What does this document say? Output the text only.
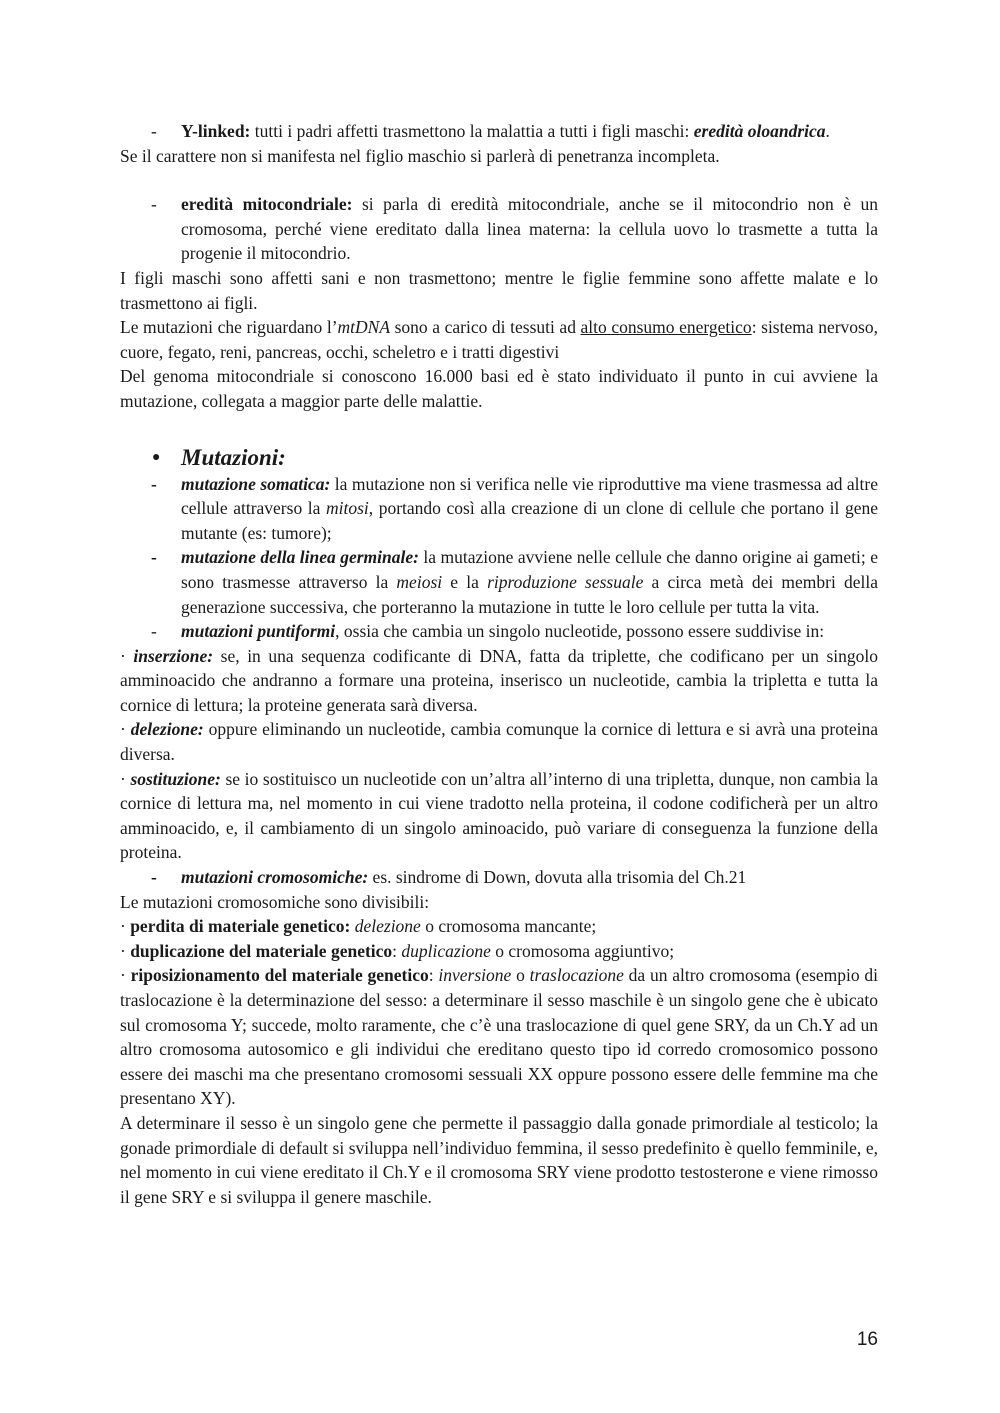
- Y-linked: tutti i padri affetti trasmettono la malattia a tutti i figli maschi: eredità oloandrica.

Se il carattere non si manifesta nel figlio maschio si parlerà di penetranza incompleta.

- eredità mitocondriale: si parla di eredità mitocondriale, anche se il mitocondrio non è un cromosoma, perché viene ereditato dalla linea materna: la cellula uovo lo trasmette a tutta la progenie il mitocondrio.

I figli maschi sono affetti sani e non trasmettono; mentre le figlie femmine sono affette malate e lo trasmettono ai figli.

Le mutazioni che riguardano l’mtDNA sono a carico di tessuti ad alto consumo energetico: sistema nervoso, cuore, fegato, reni, pancreas, occhi, scheletro e i tratti digestivi

Del genoma mitocondriale si conoscono 16.000 basi ed è stato individuato il punto in cui avviene la mutazione, collegata a maggior parte delle malattie.

● Mutazioni:

- mutazione somatica: la mutazione non si verifica nelle vie riproduttive ma viene trasmessa ad altre cellule attraverso la mitosi, portando così alla creazione di un clone di cellule che portano il gene mutante (es: tumore);

- mutazione della linea germinale: la mutazione avviene nelle cellule che danno origine ai gameti; e sono trasmesse attraverso la meiosi e la riproduzione sessuale a circa metà dei membri della generazione successiva, che porteranno la mutazione in tutte le loro cellule per tutta la vita.

- mutazioni puntiformi, ossia che cambia un singolo nucleotide, possono essere suddivise in:

· inserzione: se, in una sequenza codificante di DNA, fatta da triplette, che codificano per un singolo amminoacido che andranno a formare una proteina, inserisco un nucleotide, cambia la tripletta e tutta la cornice di lettura; la proteine generata sarà diversa.

· delezione: oppure eliminando un nucleotide, cambia comunque la cornice di lettura e si avrà una proteina diversa.

· sostituzione: se io sostituisco un nucleotide con un’altra all’interno di una tripletta, dunque, non cambia la cornice di lettura ma, nel momento in cui viene tradotto nella proteina, il codone codificherà per un altro amminoacido, e, il cambiamento di un singolo aminoacido, può variare di conseguenza la funzione della proteina.

- mutazioni cromosomiche: es. sindrome di Down, dovuta alla trisomia del Ch.21

Le mutazioni cromosomiche sono divisibili:

· perdita di materiale genetico: delezione o cromosoma mancante;

· duplicazione del materiale genetico: duplicazione o cromosoma aggiuntivo;

· riposizionamento del materiale genetico: inversione o traslocazione da un altro cromosoma (esempio di traslocazione è la determinazione del sesso: a determinare il sesso maschile è un singolo gene che è ubicato sul cromosoma Y; succede, molto raramente, che c’è una traslocazione di quel gene SRY, da un Ch.Y ad un altro cromosoma autosomico e gli individui che ereditano questo tipo id corredo cromosomico possono essere dei maschi ma che presentano cromosomi sessuali XX oppure possono essere delle femmine ma che presentano XY).

A determinare il sesso è un singolo gene che permette il passaggio dalla gonade primordiale al testicolo; la gonade primordiale di default si sviluppa nell’individuo femmina, il sesso predefinito è quello femminile, e, nel momento in cui viene ereditato il Ch.Y e il cromosoma SRY viene prodotto testosterone e viene rimosso il gene SRY e si sviluppa il genere maschile.

16
